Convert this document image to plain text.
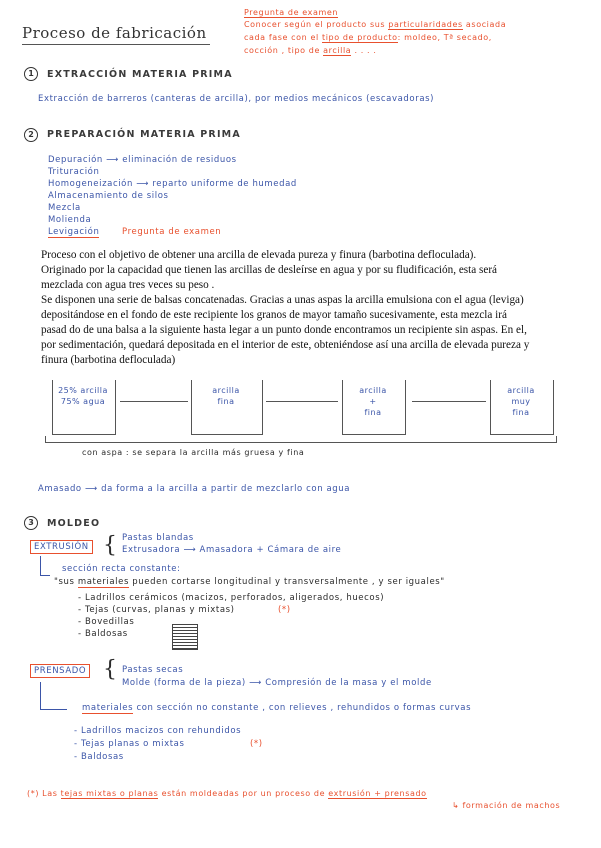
Proceso de fabricación
Pregunta de examen
Conocer según el producto sus particularidades asociada
cada fase con el tipo de producto: moldeo, Tª secado,
cocción , tipo de arcilla . . . .
1	EXTRACCIÓN MATERIA PRIMA
Extracción de barreros (canteras de arcilla), por medios mecánicos (escavadoras)
2	PREPARACIÓN MATERIA PRIMA
Depuración ⟶ eliminación de residuos
Trituración
Homogeneización ⟶ reparto uniforme de humedad
Almacenamiento de silos
Mezcla
Molienda
Levigación	Pregunta de examen
Proceso con el objetivo de obtener una arcilla de elevada pureza y finura (barbotina defloculada).
Originado por la capacidad que tienen las arcillas de desleírse en agua y por su fludificación, esta será
mezclada con agua tres veces su peso .
Se disponen una serie de balsas concatenadas. Gracias a unas aspas la arcilla emulsiona con el agua (leviga)
depositándose en el fondo de este recipiente los granos de mayor tamaño sucesivamente, esta mezcla irá
pasad do de una balsa a la siguiente hasta legar a un punto donde encontramos un recipiente sin aspas. En el,
por sedimentación, quedará depositada en el interior de este, obteniéndose así una arcilla de elevada pureza y
finura (barbotina defloculada)
25% arcilla
75% agua
arcilla
fina
arcilla
+
fina
arcilla
muy
fina
con aspa : se separa la arcilla más gruesa y fina
Amasado ⟶ da forma a la arcilla a partir de mezclarlo con agua
3	MOLDEO
EXTRUSIÓN { Pastas blandas
Extrusadora ⟶ Amasadora + Cámara de aire
sección recta constante:
"sus materiales pueden cortarse longitudinal y transversalmente , y ser iguales"
- Ladrillos cerámicos (macizos, perforados, aligerados, huecos)
- Tejas (curvas, planas y mixtas)	(*)
- Bovedillas
- Baldosas
PRENSADO { Pastas secas
Molde (forma de la pieza) ⟶ Compresión de la masa y el molde
materiales con sección no constante , con relieves , rehundidos o formas curvas
- Ladrillos macizos con rehundidos
- Tejas planas o mixtas	(*)
- Baldosas
(*) Las tejas mixtas o planas están moldeadas por un proceso de extrusión + prensado
↳ formación de machos
